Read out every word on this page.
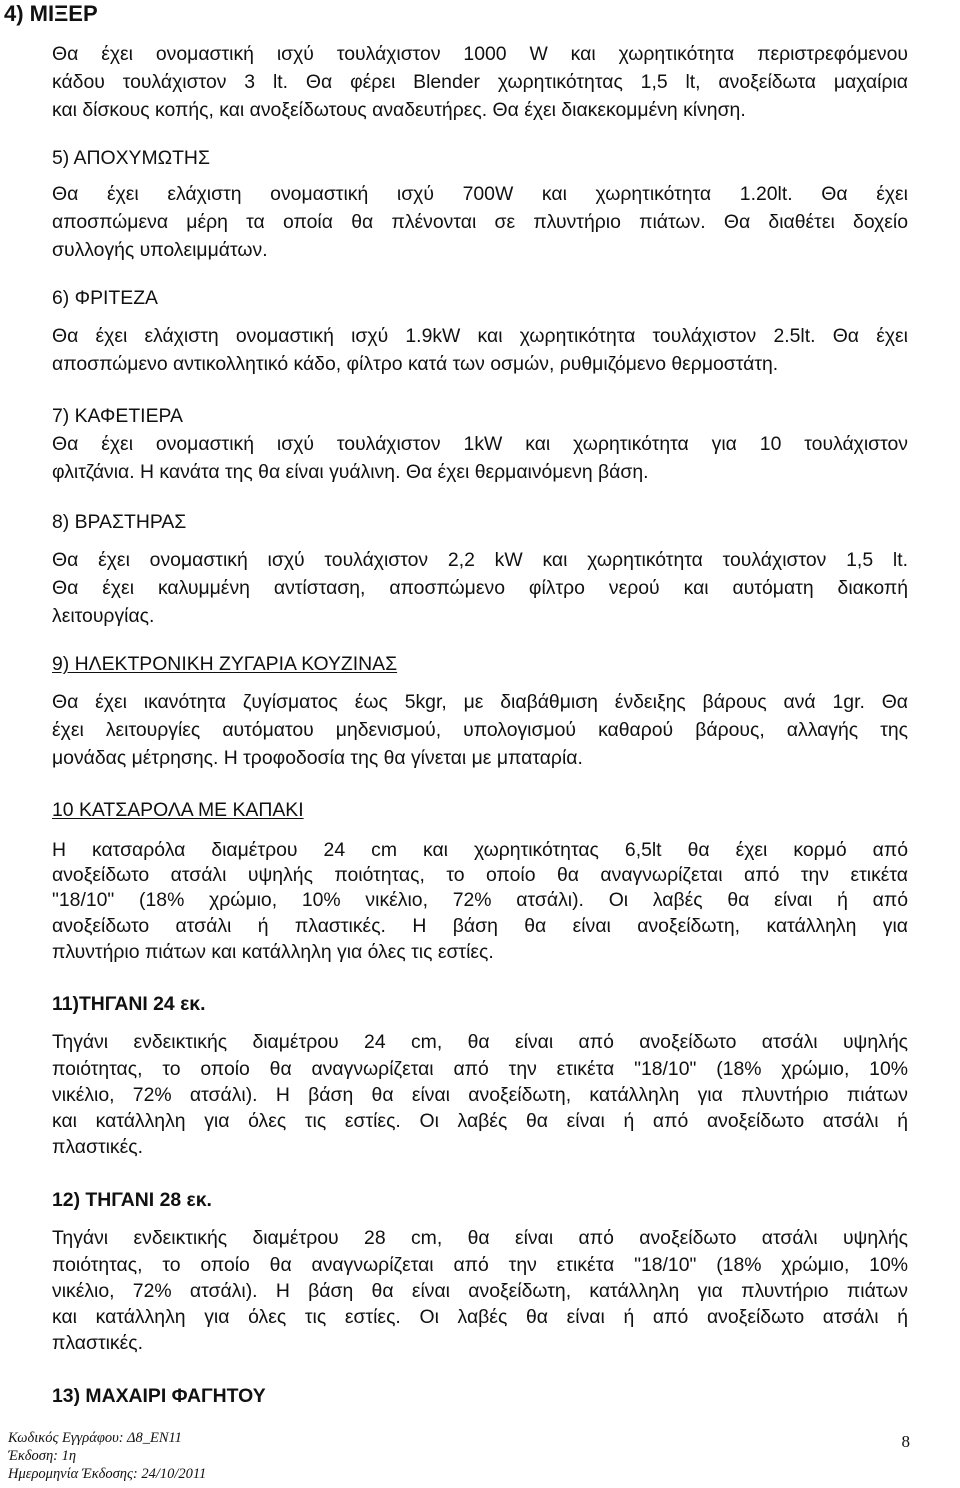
4) ΜΙΞΕΡ
Θα έχει ονομαστική ισχύ τουλάχιστον 1000 W και χωρητικότητα περιστρεφόμενου
κάδου τουλάχιστον 3 lt. Θα φέρει Blender χωρητικότητας 1,5 lt, ανοξείδωτα μαχαίρια
και δίσκους κοπής, και ανοξείδωτους αναδευτήρες. Θα έχει διακεκομμένη κίνηση.
5) ΑΠΟΧΥΜΩΤΗΣ
Θα έχει ελάχιστη ονομαστική ισχύ 700W και χωρητικότητα 1.20lt. Θα έχει
αποσπώμενα μέρη τα οποία θα πλένονται σε πλυντήριο πιάτων. Θα διαθέτει δοχείο
συλλογής υπολειμμάτων.
6) ΦΡΙΤΕΖΑ
Θα έχει ελάχιστη ονομαστική ισχύ 1.9kW και χωρητικότητα τουλάχιστον 2.5lt. Θα έχει
αποσπώμενο αντικολλητικό κάδο, φίλτρο κατά των οσμών, ρυθμιζόμενο θερμοστάτη.
7) ΚΑΦΕΤΙΕΡΑ
Θα έχει ονομαστική ισχύ τουλάχιστον 1kW και χωρητικότητα για 10 τουλάχιστον
φλιτζάνια. Η κανάτα της θα είναι γυάλινη. Θα έχει θερμαινόμενη βάση.
8) ΒΡΑΣΤΗΡΑΣ
Θα έχει ονομαστική ισχύ τουλάχιστον 2,2 kW και χωρητικότητα τουλάχιστον 1,5 lt.
Θα έχει καλυμμένη αντίσταση, αποσπώμενο φίλτρο νερού και αυτόματη διακοπή
λειτουργίας.
9) ΗΛΕΚΤΡΟΝΙΚΗ ΖΥΓΑΡΙΑ ΚΟΥΖΙΝΑΣ
Θα έχει ικανότητα ζυγίσματος έως 5kgr, με διαβάθμιση ένδειξης βάρους ανά 1gr. Θα
έχει λειτουργίες αυτόματου μηδενισμού, υπολογισμού καθαρού βάρους, αλλαγής της
μονάδας μέτρησης. Η τροφοδοσία της θα γίνεται με μπαταρία.
10 ΚΑΤΣΑΡΟΛΑ ΜΕ ΚΑΠΑΚΙ
Η κατσαρόλα διαμέτρου 24 cm και χωρητικότητας 6,5lt θα έχει κορμό από
ανοξείδωτο ατσάλι υψηλής ποιότητας, το οποίο θα αναγνωρίζεται από την ετικέτα
"18/10" (18% χρώμιο, 10% νικέλιο, 72% ατσάλι). Οι λαβές θα είναι ή από
ανοξείδωτο ατσάλι ή πλαστικές. Η βάση θα είναι ανοξείδωτη, κατάλληλη για
πλυντήριο πιάτων και κατάλληλη για όλες τις εστίες.
11)ΤΗΓΑΝΙ 24 εκ.
Τηγάνι ενδεικτικής διαμέτρου 24 cm, θα είναι από ανοξείδωτο ατσάλι υψηλής
ποιότητας, το οποίο θα αναγνωρίζεται από την ετικέτα "18/10" (18% χρώμιο, 10%
νικέλιο, 72% ατσάλι). Η βάση θα είναι ανοξείδωτη, κατάλληλη για πλυντήριο πιάτων
και κατάλληλη για όλες τις εστίες. Οι λαβές θα είναι ή από ανοξείδωτο ατσάλι ή
πλαστικές.
12) ΤΗΓΑΝΙ 28 εκ.
Τηγάνι ενδεικτικής διαμέτρου 28 cm, θα είναι από ανοξείδωτο ατσάλι υψηλής
ποιότητας, το οποίο θα αναγνωρίζεται από την ετικέτα "18/10" (18% χρώμιο, 10%
νικέλιο, 72% ατσάλι). Η βάση θα είναι ανοξείδωτη, κατάλληλη για πλυντήριο πιάτων
και κατάλληλη για όλες τις εστίες. Οι λαβές θα είναι ή από ανοξείδωτο ατσάλι ή
πλαστικές.
13) ΜΑΧΑΙΡΙ ΦΑΓΗΤΟΥ
Κωδικός Εγγράφου: Δ8_ΕΝ11
Έκδοση: 1η
Ημερομηνία Έκδοσης: 24/10/2011
8
